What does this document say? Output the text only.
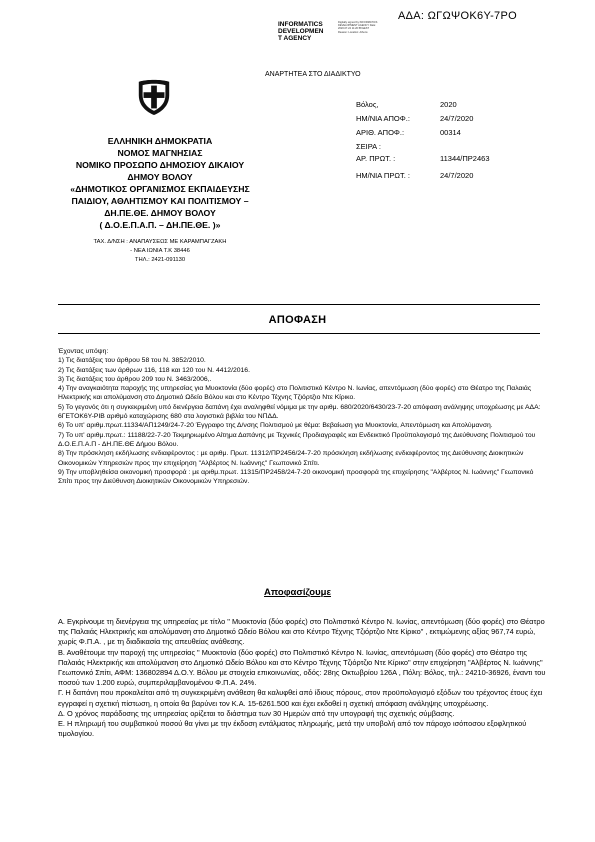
ΑΔΑ: ΩΓΩΨΟΚ6Υ-7ΡΟ
INFORMATICS
DEVELOPMEN
T AGENCY
Digitally signed by INFORMATICS DEVELOPMENT AGENCY Date: 2020.07.24 11:20:58 EEST Reason: Location: Athens
ΑΝΑΡΤΗΤΕΑ ΣΤΟ ΔΙΑΔΙΚΤΥΟ
Βόλος,	2020
ΗΜ/ΝΙΑ ΑΠΟΦ.:	24/7/2020
ΑΡΙΘ. ΑΠΟΦ.:	00314
ΣΕΙΡΑ :
ΑΡ. ΠΡΩΤ. :	11344/ΠΡ2463
ΗΜ/ΝΙΑ ΠΡΩΤ. :	24/7/2020
ΕΛΛΗΝΙΚΗ ΔΗΜΟΚΡΑΤΙΑ
ΝΟΜΟΣ ΜΑΓΝΗΣΙΑΣ
ΝΟΜΙΚΟ ΠΡΟΣΩΠΟ ΔΗΜΟΣΙΟΥ ΔΙΚΑΙΟΥ
ΔΗΜΟΥ ΒΟΛΟΥ
«ΔΗΜΟΤΙΚΟΣ ΟΡΓΑΝΙΣΜΟΣ ΕΚΠΑΙΔΕΥΣΗΣ
ΠΑΙΔΙΟΥ, ΑΘΛΗΤΙΣΜΟΥ ΚΑΙ ΠΟΛΙΤΙΣΜΟΥ –
ΔΗ.ΠΕ.ΘΕ. ΔΗΜΟΥ ΒΟΛΟΥ
( Δ.Ο.Ε.Π.Α.Π. – ΔΗ.ΠΕ.ΘΕ. )»
ΤΑΧ. Δ/ΝΣΗ : ΑΝΑΠΑΥΣΕΩΣ ΜΕ ΚΑΡΑΜΠΑΓΖΑΚΗ
- ΝΕΑ ΙΩΝΙΑ Τ.Κ 38446
ΤΗΛ.: 2421-091130
ΑΠΟΦΑΣΗ

Έχοντας υπόψη:

1) Τις διατάξεις του άρθρου 58 του Ν. 3852/2010.

2) Τις διατάξεις των άρθρων 116, 118 και 120 του Ν. 4412/2016.

3) Τις διατάξεις του άρθρου 209 του Ν. 3463/2006,.

4) Την αναγκαιότητα παροχής της υπηρεσίας για Μυοκτονία (δύο φορές) στο Πολιτιστικό Κέντρο Ν. Ιωνίας, απεντόμωση (δύο φορές) στο Θέατρο της Παλαιάς Ηλεκτρικής και απολύμανση στο Δημοτικό Ωδείο Βόλου και στο Κέντρο Τέχνης Τζιόρτζιο Ντε Κίρικο.

5) Το γεγονός ότι η συγκεκριμένη υπό διενέργεια δαπάνη έχει αναληφθεί νόμιμα με την αριθμ. 680/2020/6430/23-7-20 απόφαση ανάληψης υποχρέωσης με ΑΔΑ: 6ΓΕΤΟΚ6Υ-ΡΙΒ αριθμό καταχώρισης 680 στα λογιστικά βιβλία του ΝΠΔΔ.

6) Το υπ' αριθμ.πρωτ.11334/ΑΠ1249/24-7-20 Έγγραφο της Δ/νσης Πολιτισμού με θέμα: Βεβαίωση για Μυοκτονία, Απεντόμωση και Απολύμανση.

7) Το υπ' αριθμ.πρωτ.: 11188/22-7-20 Τεκμηριωμένο Αίτημα Δαπάνης με Τεχνικές Προδιαγραφές και Ενδεικτικό Προϋπολογισμό της Διεύθυνσης Πολιτισμού του Δ.Ο.Ε.Π.Α.Π - ΔΗ.ΠΕ.ΘΕ Δήμου Βόλου.

8) Την πρόσκληση εκδήλωσης ενδιαφέροντος : με αριθμ. Πρωτ. 11312/ΠΡ2456/24-7-20 πρόσκληση εκδήλωσης ενδιαφέροντος της Διεύθυνσης Διοικητικών Οικονομικών Υπηρεσιών προς την επιχείρηση "Αλβέρτος Ν. Ιωάννης" Γεωπονικό Σπίτι.

9) Την υποβληθείσα οικονομική προσφορά : με αριθμ.πρωτ. 11315/ΠΡ2458/24-7-20 οικονομική προσφορά της επιχείρησης "Αλβέρτος Ν. Ιωάννης" Γεωπονικό Σπίτι προς την Διεύθυνση Διοικητικών Οικονομικών Υπηρεσιών.

Αποφασίζουμε

Α. Εγκρίνουμε τη διενέργεια της υπηρεσίας με τίτλο " Μυοκτονία (δύο φορές) στο Πολιτιστικό Κέντρο Ν. Ιωνίας, απεντόμωση (δύο φορές) στο Θέατρο της Παλαιάς Ηλεκτρικής και απολύμανση στο Δημοτικό Ωδείο Βόλου και στο Κέντρο Τέχνης Τζιόρτζιο Ντε Κίρικο" , εκτιμώμενης αξίας 967,74 ευρώ, χωρίς Φ.Π.Α. , με τη διαδικασία της απευθείας ανάθεσης.

Β. Αναθέτουμε την παροχή της υπηρεσίας " Μυοκτονία (δύο φορές) στο Πολιτιστικό Κέντρο Ν. Ιωνίας, απεντόμωση (δύο φορές) στο Θέατρο της Παλαιάς Ηλεκτρικής και απολύμανση στο Δημοτικό Ωδείο Βόλου και στο Κέντρο Τέχνης Τζιόρτζιο Ντε Κίρικο" στην επιχείρηση "Αλβέρτος Ν. Ιωάννης" Γεωπονικό Σπίτι, ΑΦΜ: 136802894 Δ.Ο.Υ. Βόλου με στοιχεία επικοινωνίας, οδός: 28ης Οκτωβρίου 126Α , Πόλη: Βόλος, τηλ.: 24210-36926, έναντι του ποσού των 1.200 ευρώ, συμπεριλαμβανομένου Φ.Π.Α. 24%.

Γ. Η δαπάνη που προκαλείται από τη συγκεκριμένη ανάθεση θα καλυφθεί από ίδιους πόρους, στον προϋπολογισμό εξόδων του τρέχοντος έτους έχει εγγραφεί η σχετική πίστωση, η οποία θα βαρύνει τον Κ.Α. 15-6261.500 και έχει εκδοθεί η σχετική απόφαση ανάληψης υποχρέωσης.

Δ. Ο χρόνος παράδοσης της υπηρεσίας ορίζεται το διάστημα των 30 Ημερών από την υπογραφή της σχετικής σύμβασης.

Ε. Η πληρωμή του συμβατικού ποσού θα γίνει με την έκδοση εντάλματος πληρωμής, μετά την υποβολή από τον πάροχο ισόποσου εξοφλητικού τιμολογίου.
